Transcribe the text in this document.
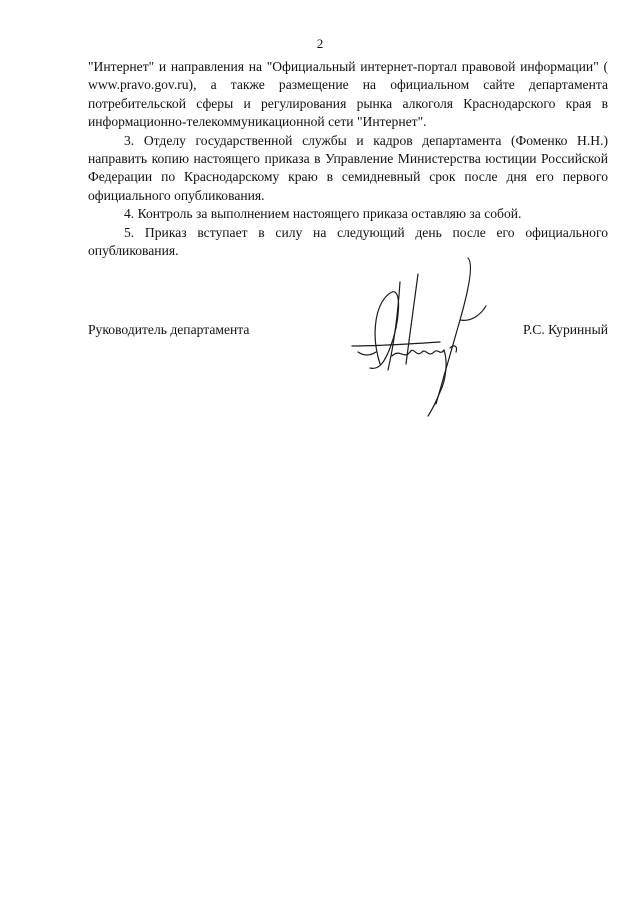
2

"Интернет" и направления на "Официальный интернет-портал правовой информации" ( www.pravo.gov.ru), а также размещение на официальном сайте департамента потребительской сферы и регулирования рынка алкоголя Краснодарского края в информационно-телекоммуникационной сети "Интернет".

3. Отделу государственной службы и кадров департамента (Фоменко Н.Н.) направить копию настоящего приказа в Управление Министерства юстиции Российской Федерации по Краснодарскому краю в семидневный срок после дня его первого официального опубликования.

4. Контроль за выполнением настоящего приказа оставляю за собой.

5. Приказ вступает в силу на следующий день после его официального опубликования.

Руководитель департамента	Р.С. Куринный
